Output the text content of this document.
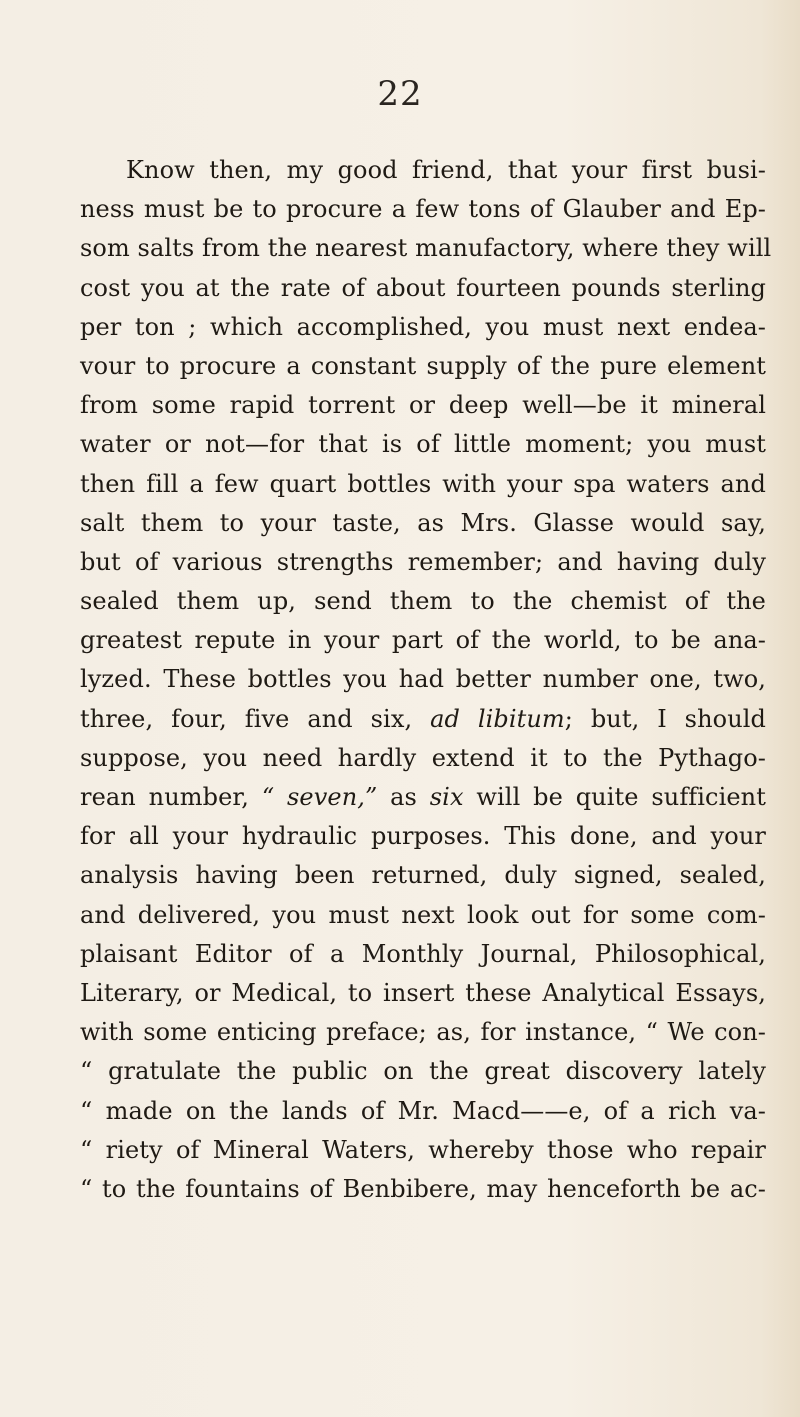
22
Know then, my good friend, that your first busi-
ness must be to procure a few tons of Glauber and Ep-
som salts from the nearest manufactory, where they will
cost you at the rate of about fourteen pounds sterling
per ton ; which accomplished, you must next endea-
vour to procure a constant supply of the pure element
from some rapid torrent or deep well—be it mineral
water or not—for that is of little moment; you must
then fill a few quart bottles with your spa waters and
salt them to your taste, as Mrs. Glasse would say,
but of various strengths remember; and having duly
sealed them up, send them to the chemist of the
greatest repute in your part of the world, to be ana-
lyzed. These bottles you had better number one, two,
three, four, five and six, ad libitum; but, I should
suppose, you need hardly extend it to the Pythago-
rean number, “ seven,” as six will be quite sufficient
for all your hydraulic purposes. This done, and your
analysis having been returned, duly signed, sealed,
and delivered, you must next look out for some com-
plaisant Editor of a Monthly Journal, Philosophical,
Literary, or Medical, to insert these Analytical Essays,
with some enticing preface; as, for instance, “ We con-
“ gratulate the public on the great discovery lately
“ made on the lands of Mr. Macd——e, of a rich va-
“ riety of Mineral Waters, whereby those who repair
“ to the fountains of Benbibere, may henceforth be ac-
